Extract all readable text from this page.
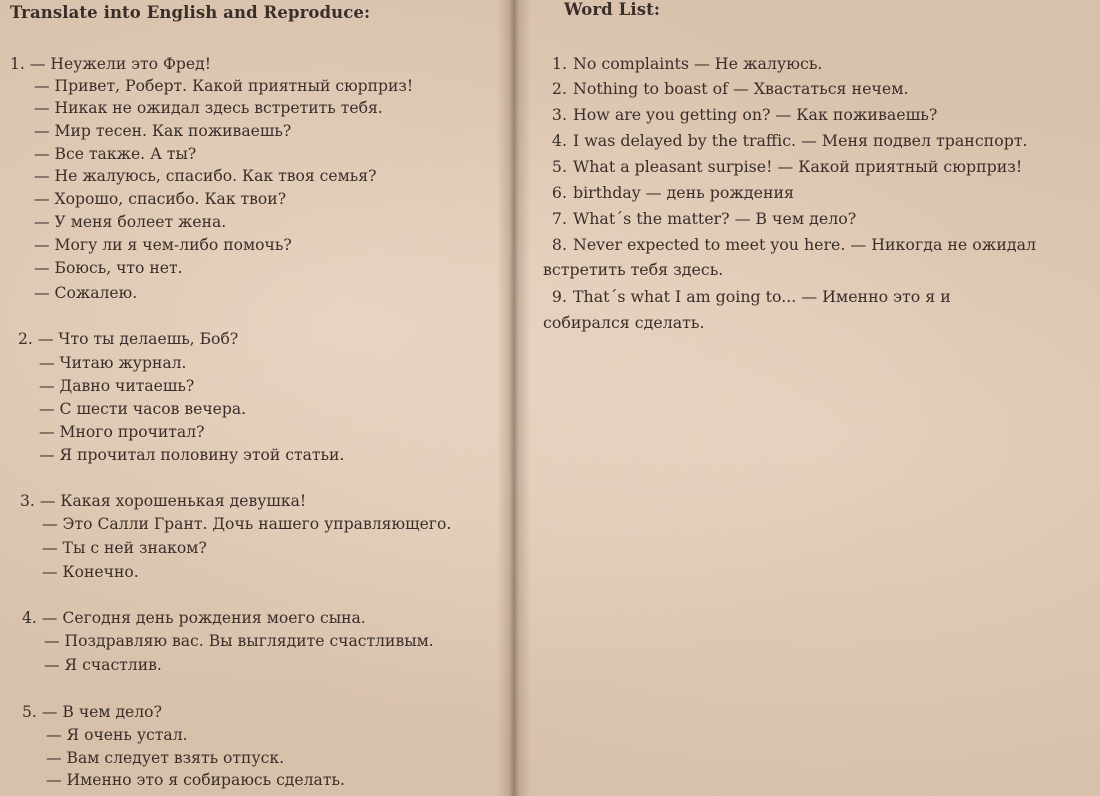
Translate into English and Reproduce:
1. — Неужели это Фред!
— Привет, Роберт. Какой приятный сюрприз!
— Никак не ожидал здесь встретить тебя.
— Мир тесен. Как поживаешь?
— Все также. А ты?
— Не жалуюсь, спасибо. Как твоя семья?
— Хорошо, спасибо. Как твои?
— У меня болеет жена.
— Могу ли я чем-либо помочь?
— Боюсь, что нет.
— Сожалею.
2. — Что ты делаешь, Боб?
— Читаю журнал.
— Давно читаешь?
— С шести часов вечера.
— Много прочитал?
— Я прочитал половину этой статьи.
3. — Какая хорошенькая девушка!
— Это Салли Грант. Дочь нашего управляющего.
— Ты с ней знаком?
— Конечно.
4. — Сегодня день рождения моего сына.
— Поздравляю вас. Вы выглядите счастливым.
— Я счастлив.
5. — В чем дело?
— Я очень устал.
— Вам следует взять отпуск.
— Именно это я собираюсь сделать.
Word List:
1. No complaints — Не жалуюсь.
2. Nothing to boast of — Хвастаться нечем.
3. How are you getting on? — Как поживаешь?
4. I was delayed by the traffic. — Меня подвел транспорт.
5. What a pleasant surpise! — Какой приятный сюрприз!
6. birthday — день рождения
7. What´s the matter? — В чем дело?
8. Never expected to meet you here. — Никогда не ожидал
встретить тебя здесь.
9. That´s what I am going to... — Именно это я и
собирался сделать.
